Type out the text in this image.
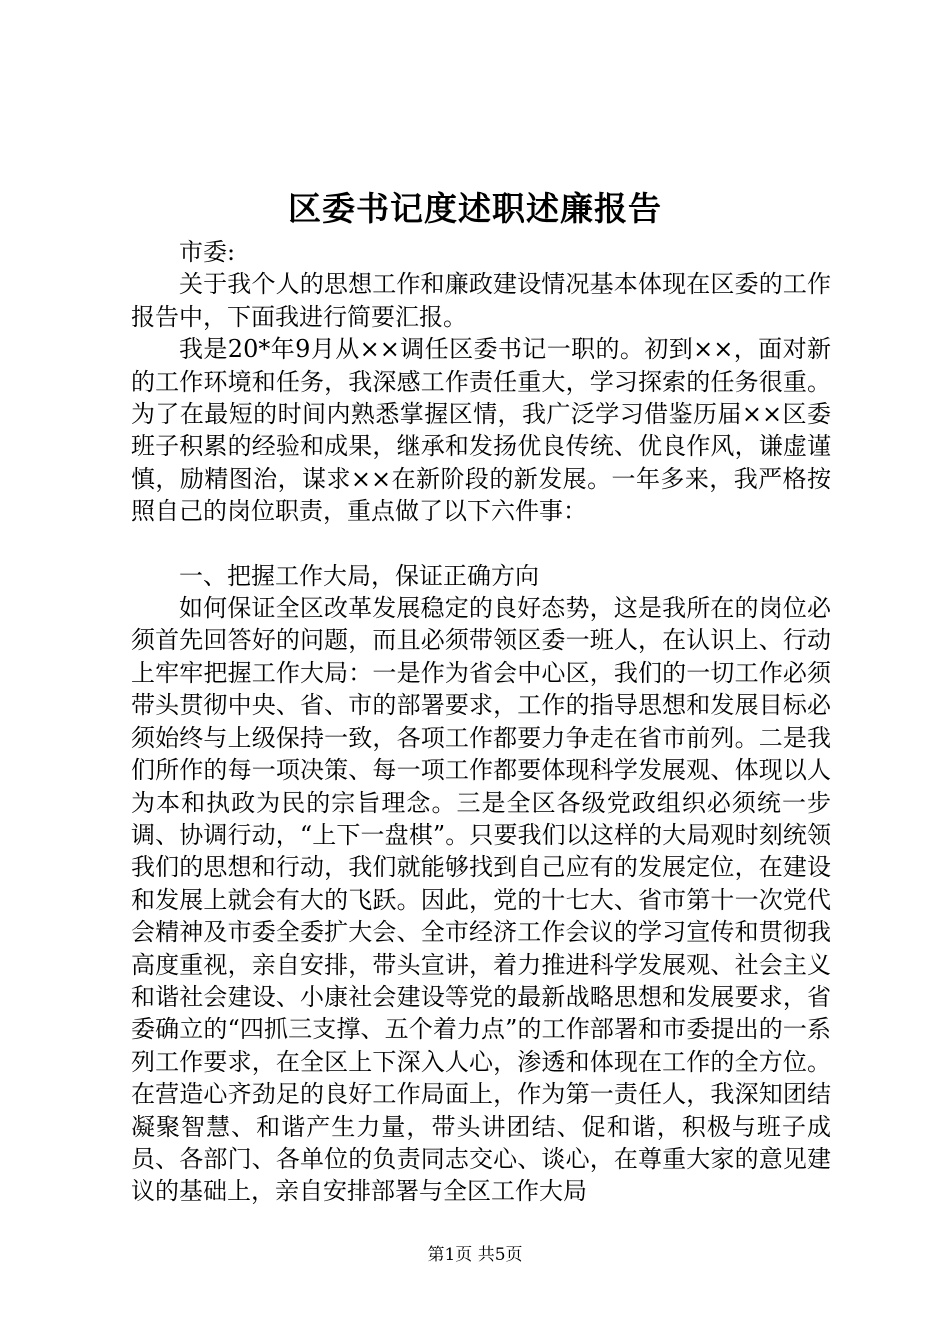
区委书记度述职述廉报告

市委:

关于我个人的思想工作和廉政建设情况基本体现在区委的工作报告中，下面我进行简要汇报。

我是20*年9月从××调任区委书记一职的。初到××，面对新的工作环境和任务，我深感工作责任重大，学习探索的任务很重。为了在最短的时间内熟悉掌握区情，我广泛学习借鉴历届××区委班子积累的经验和成果，继承和发扬优良传统、优良作风，谦虚谨慎，励精图治，谋求××在新阶段的新发展。一年多来，我严格按照自己的岗位职责，重点做了以下六件事：

一、把握工作大局，保证正确方向

如何保证全区改革发展稳定的良好态势，这是我所在的岗位必须首先回答好的问题，而且必须带领区委一班人，在认识上、行动上牢牢把握工作大局：一是作为省会中心区，我们的一切工作必须带头贯彻中央、省、市的部署要求，工作的指导思想和发展目标必须始终与上级保持一致，各项工作都要力争走在省市前列。二是我们所作的每一项决策、每一项工作都要体现科学发展观、体现以人为本和执政为民的宗旨理念。三是全区各级党政组织必须统一步调、协调行动，“上下一盘棋”。只要我们以这样的大局观时刻统领我们的思想和行动，我们就能够找到自己应有的发展定位，在建设和发展上就会有大的飞跃。因此，党的十七大、省市第十一次党代会精神及市委全委扩大会、全市经济工作会议的学习宣传和贯彻我高度重视，亲自安排，带头宣讲，着力推进科学发展观、社会主义和谐社会建设、小康社会建设等党的最新战略思想和发展要求，省委确立的“四抓三支撑、五个着力点”的工作部署和市委提出的一系列工作要求，在全区上下深入人心，渗透和体现在工作的全方位。在营造心齐劲足的良好工作局面上，作为第一责任人，我深知团结凝聚智慧、和谐产生力量，带头讲团结、促和谐，积极与班子成员、各部门、各单位的负责同志交心、谈心，在尊重大家的意见建议的基础上，亲自安排部署与全区工作大局

第1页 共5页
